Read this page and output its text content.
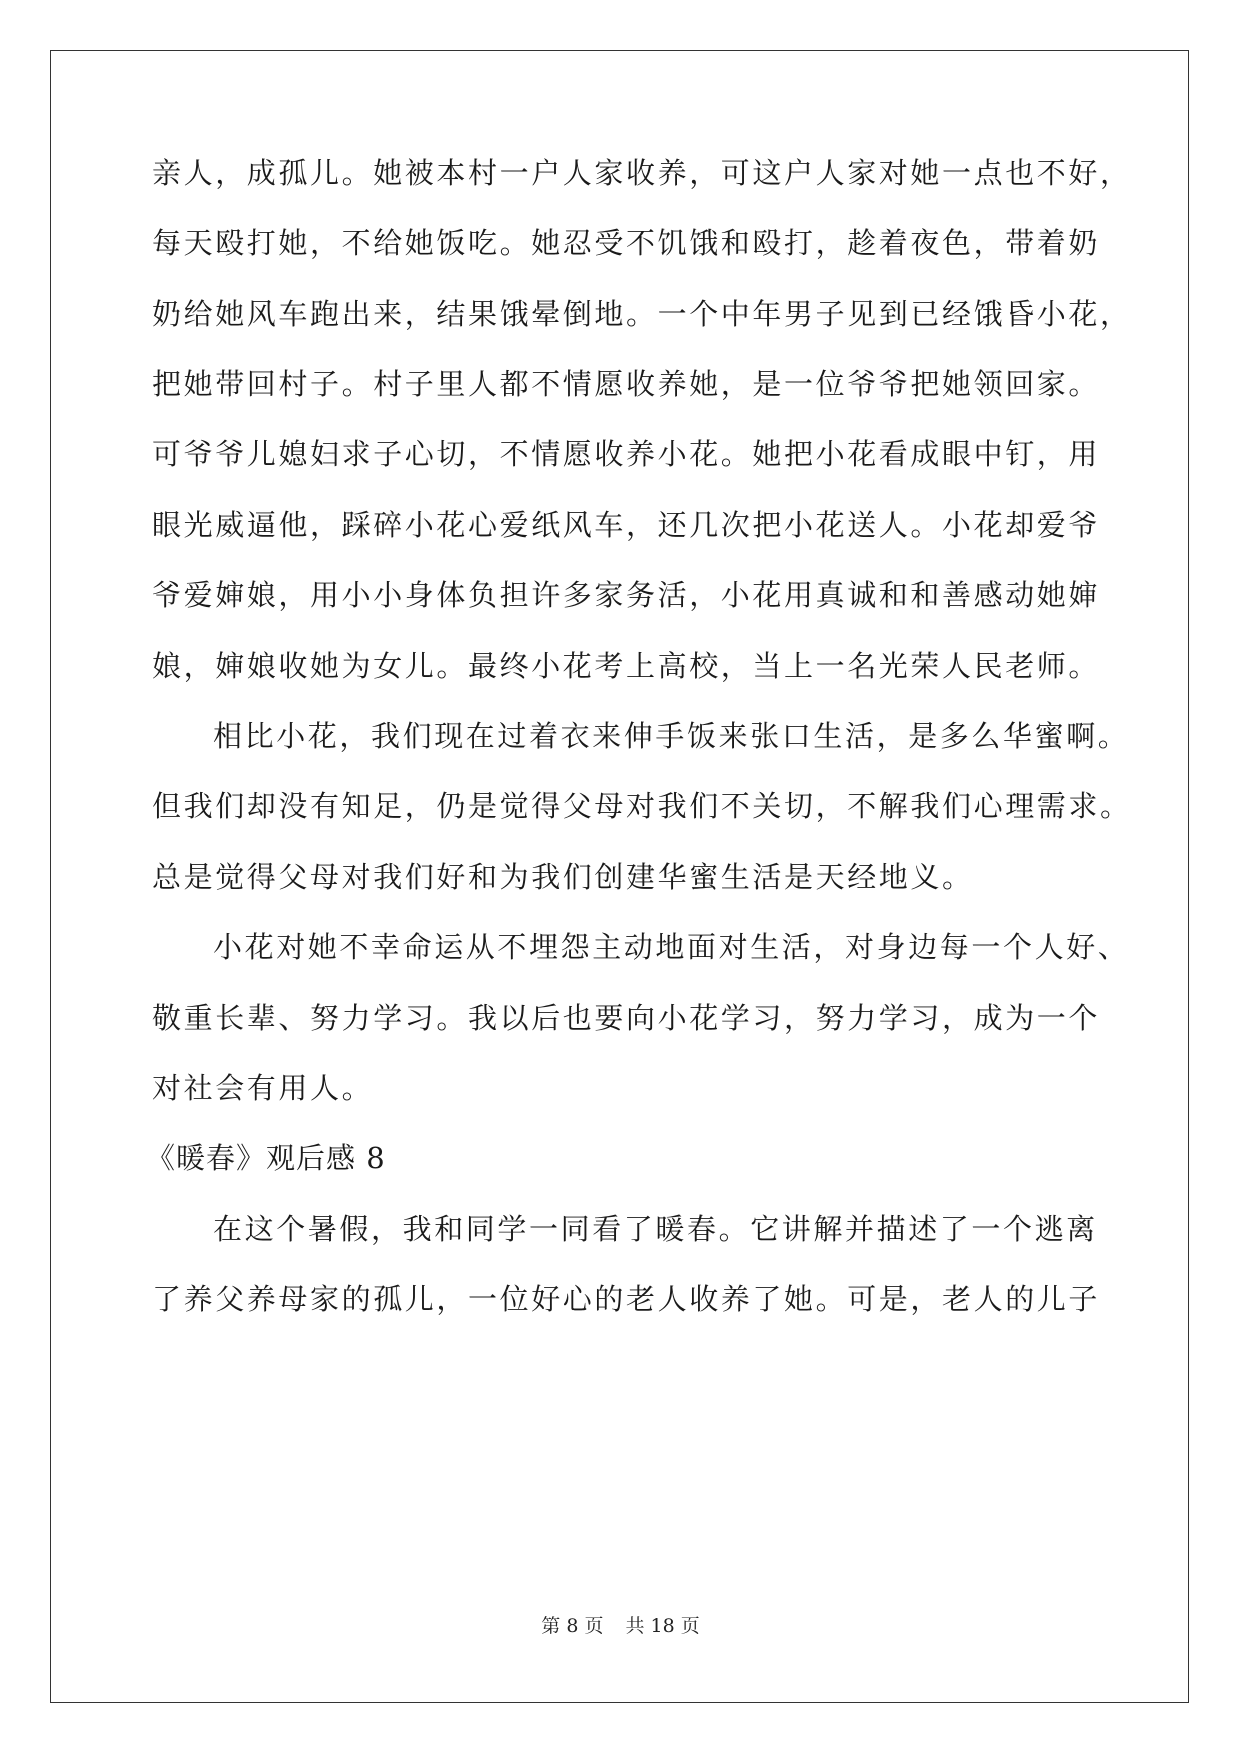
亲人，成孤儿。她被本村一户人家收养，可这户人家对她一点也不好，
每天殴打她，不给她饭吃。她忍受不饥饿和殴打，趁着夜色，带着奶
奶给她风车跑出来，结果饿晕倒地。一个中年男子见到已经饿昏小花，
把她带回村子。村子里人都不情愿收养她，是一位爷爷把她领回家。
可爷爷儿媳妇求子心切，不情愿收养小花。她把小花看成眼中钉，用
眼光威逼他，踩碎小花心爱纸风车，还几次把小花送人。小花却爱爷
爷爱婶娘，用小小身体负担许多家务活，小花用真诚和和善感动她婶
娘，婶娘收她为女儿。最终小花考上高校，当上一名光荣人民老师。
相比小花，我们现在过着衣来伸手饭来张口生活，是多么华蜜啊。
但我们却没有知足，仍是觉得父母对我们不关切，不解我们心理需求。
总是觉得父母对我们好和为我们创建华蜜生活是天经地义。
小花对她不幸命运从不埋怨主动地面对生活，对身边每一个人好、
敬重长辈、努力学习。我以后也要向小花学习，努力学习，成为一个
对社会有用人。
《暖春》观后感 8
在这个暑假，我和同学一同看了暖春。它讲解并描述了一个逃离
了养父养母家的孤儿，一位好心的老人收养了她。可是，老人的儿子
第 8 页 共 18 页
